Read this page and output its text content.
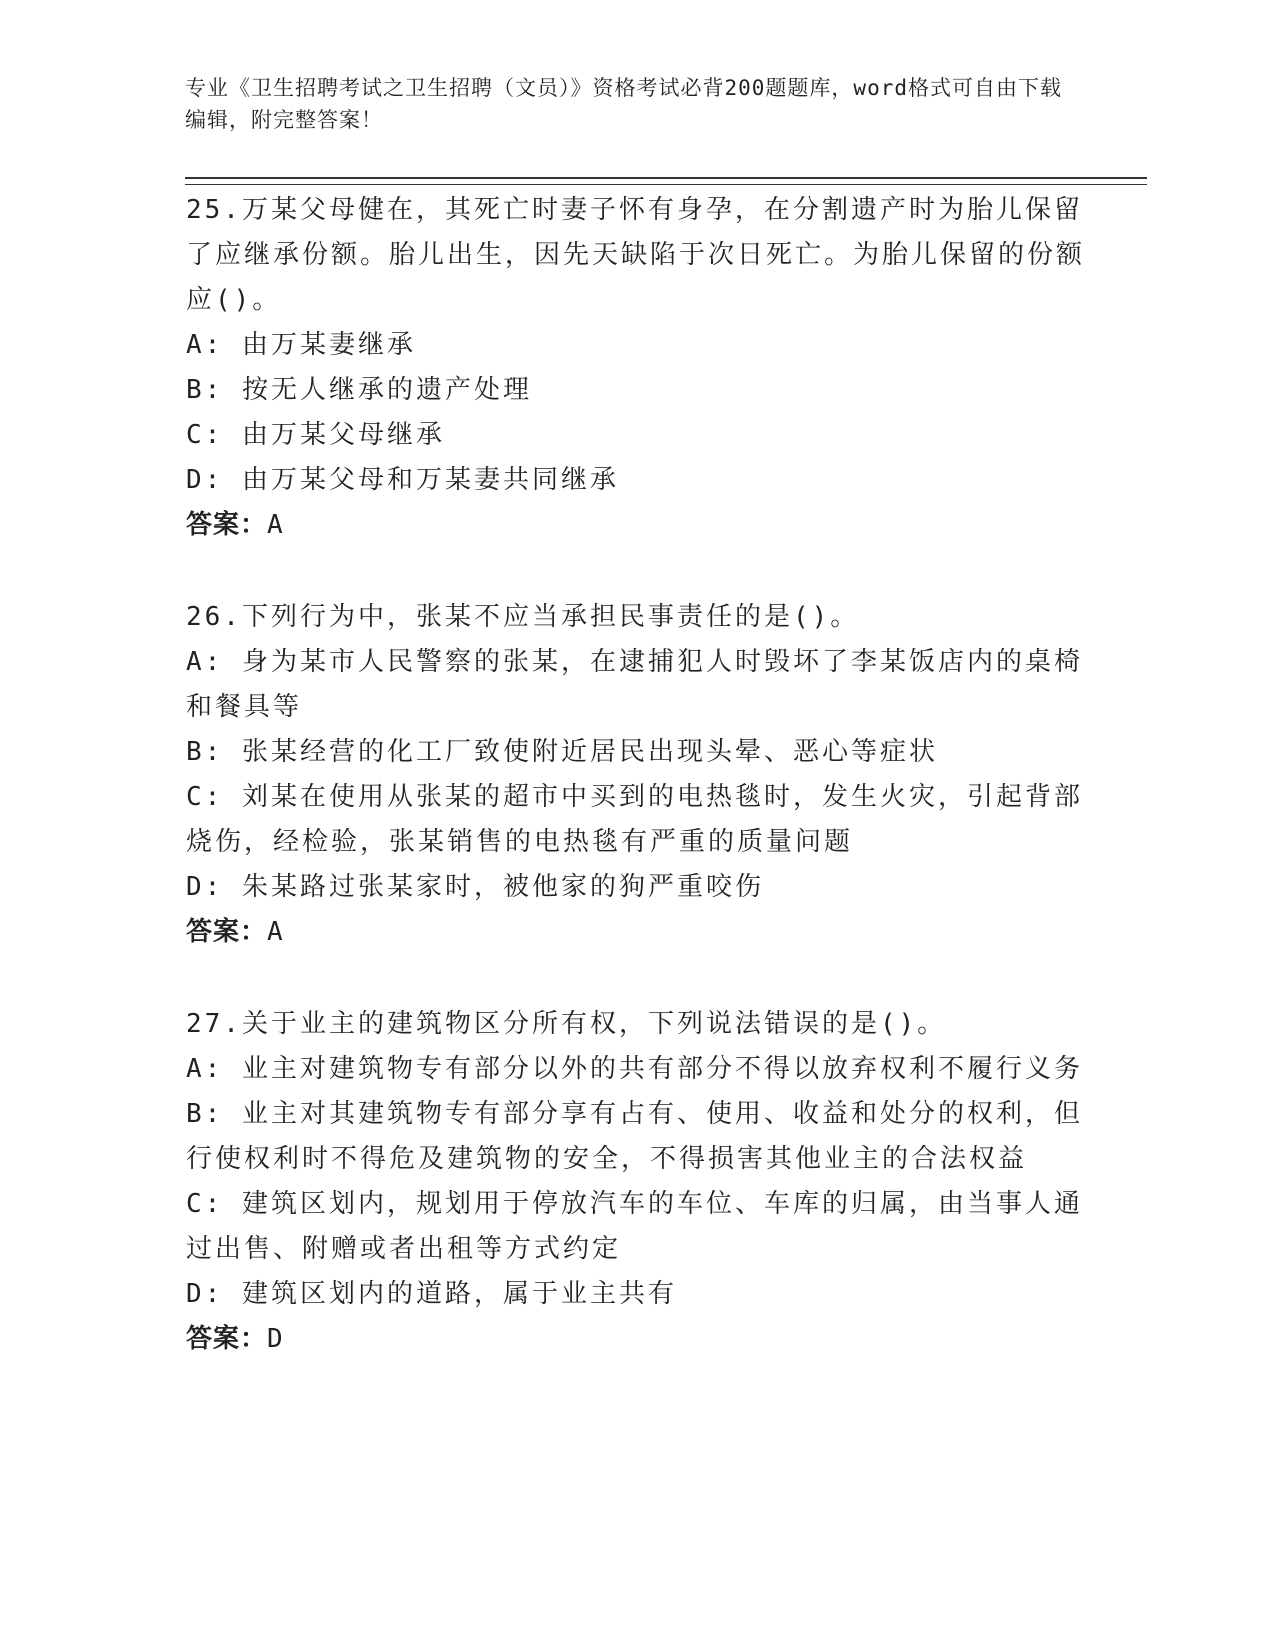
专业《卫生招聘考试之卫生招聘（文员）》资格考试必背200题题库，word格式可自由下载编辑，附完整答案！

25.万某父母健在，其死亡时妻子怀有身孕，在分割遗产时为胎儿保留了应继承份额。胎儿出生，因先天缺陷于次日死亡。为胎儿保留的份额应()。

A: 由万某妻继承

B: 按无人继承的遗产处理

C: 由万某父母继承

D: 由万某父母和万某妻共同继承

答案：A

26.下列行为中，张某不应当承担民事责任的是()。

A: 身为某市人民警察的张某，在逮捕犯人时毁坏了李某饭店内的桌椅和餐具等

B: 张某经营的化工厂致使附近居民出现头晕、恶心等症状

C: 刘某在使用从张某的超市中买到的电热毯时，发生火灾，引起背部烧伤，经检验，张某销售的电热毯有严重的质量问题

D: 朱某路过张某家时，被他家的狗严重咬伤

答案：A

27.关于业主的建筑物区分所有权，下列说法错误的是()。

A: 业主对建筑物专有部分以外的共有部分不得以放弃权利不履行义务

B: 业主对其建筑物专有部分享有占有、使用、收益和处分的权利，但行使权利时不得危及建筑物的安全，不得损害其他业主的合法权益

C: 建筑区划内，规划用于停放汽车的车位、车库的归属，由当事人通过出售、附赠或者出租等方式约定

D: 建筑区划内的道路，属于业主共有

答案：D
